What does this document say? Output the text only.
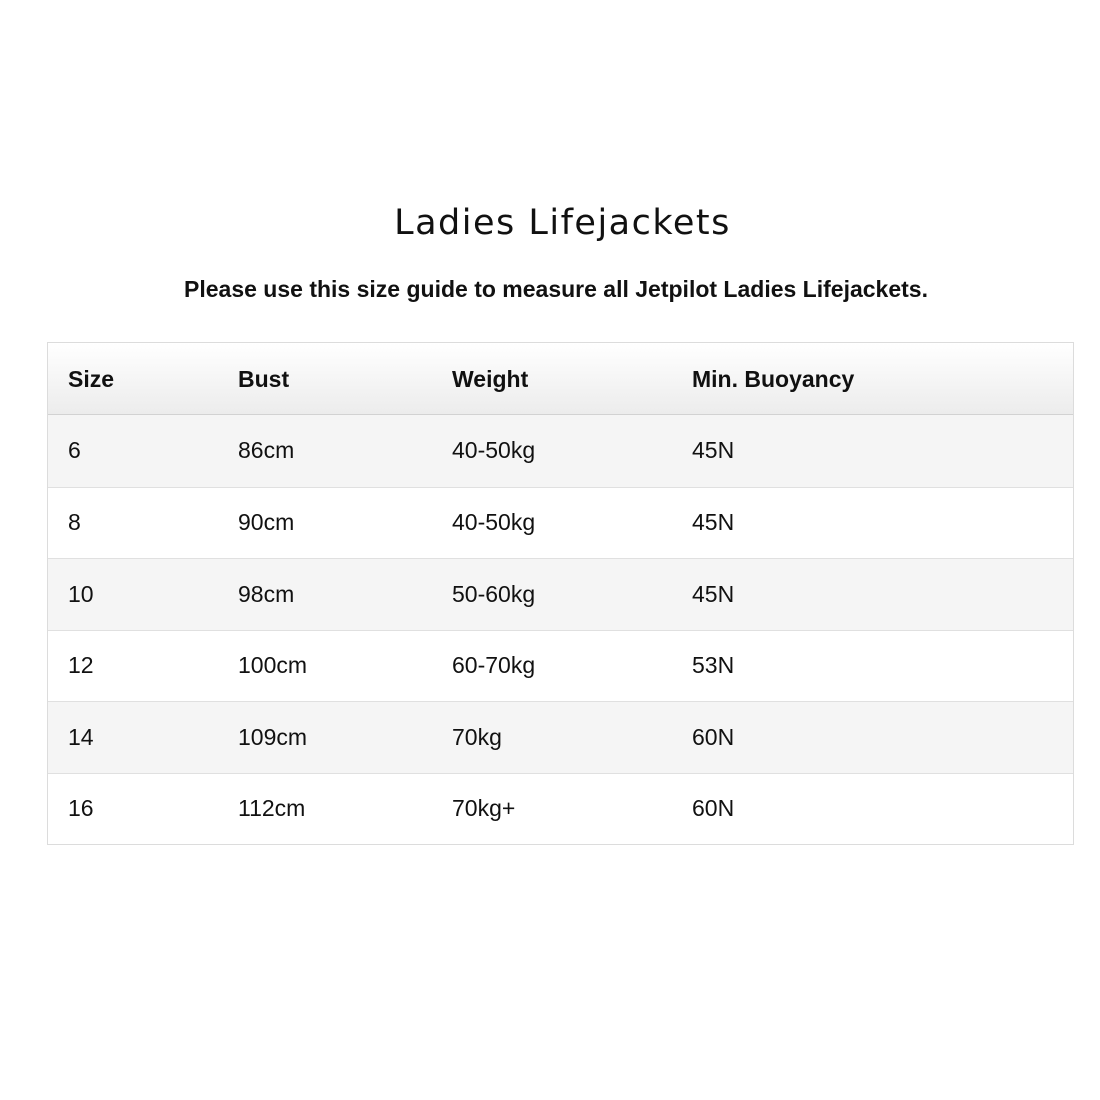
Ladies Lifejackets

Please use this size guide to measure all Jetpilot Ladies Lifejackets.

Size	Bust	Weight	Min. Buoyancy
6	86cm	40-50kg	45N
8	90cm	40-50kg	45N
10	98cm	50-60kg	45N
12	100cm	60-70kg	53N
14	109cm	70kg	60N
16	112cm	70kg+	60N
